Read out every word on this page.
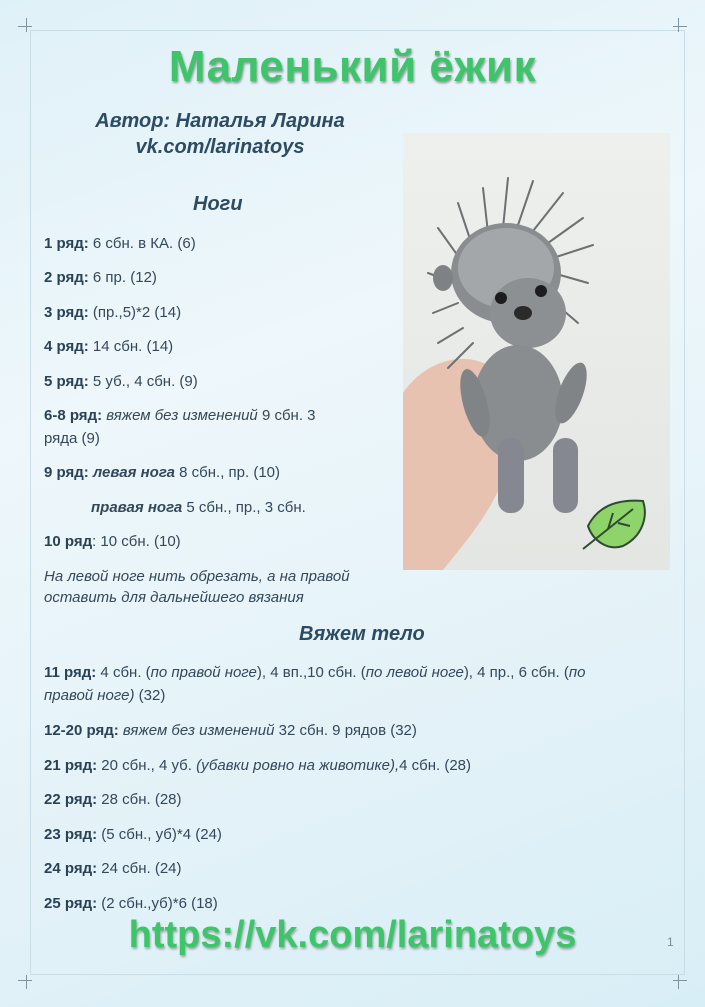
Маленький ёжик
Автор: Наталья Ларина
vk.com/larinatoys
Ноги
1 ряд: 6 сбн. в КА. (6)
2 ряд: 6 пр. (12)
3 ряд: (пр.,5)*2 (14)
4 ряд: 14 сбн. (14)
5 ряд: 5 уб., 4 сбн. (9)
6-8 ряд: вяжем без изменений 9 сбн. 3
ряда (9)
9 ряд: левая нога 8 сбн., пр. (10)
правая нога 5 сбн., пр., 3 сбн.
10 ряд: 10 сбн. (10)
На левой ноге нить обрезать, а на правой
оставить для дальнейшего вязания
Вяжем тело
11 ряд: 4 сбн. (по правой ноге), 4 вп.,10 сбн. (по левой ноге), 4 пр., 6 сбн. (по
правой ноге) (32)
12-20 ряд: вяжем без изменений 32 сбн. 9 рядов (32)
21 ряд: 20 сбн., 4 уб. (убавки ровно на животике),4 сбн. (28)
22 ряд: 28 сбн. (28)
23 ряд: (5 сбн., уб)*4 (24)
24 ряд: 24 сбн. (24)
25 ряд: (2 сбн.,уб)*6 (18)
https://vk.com/larinatoys	1
